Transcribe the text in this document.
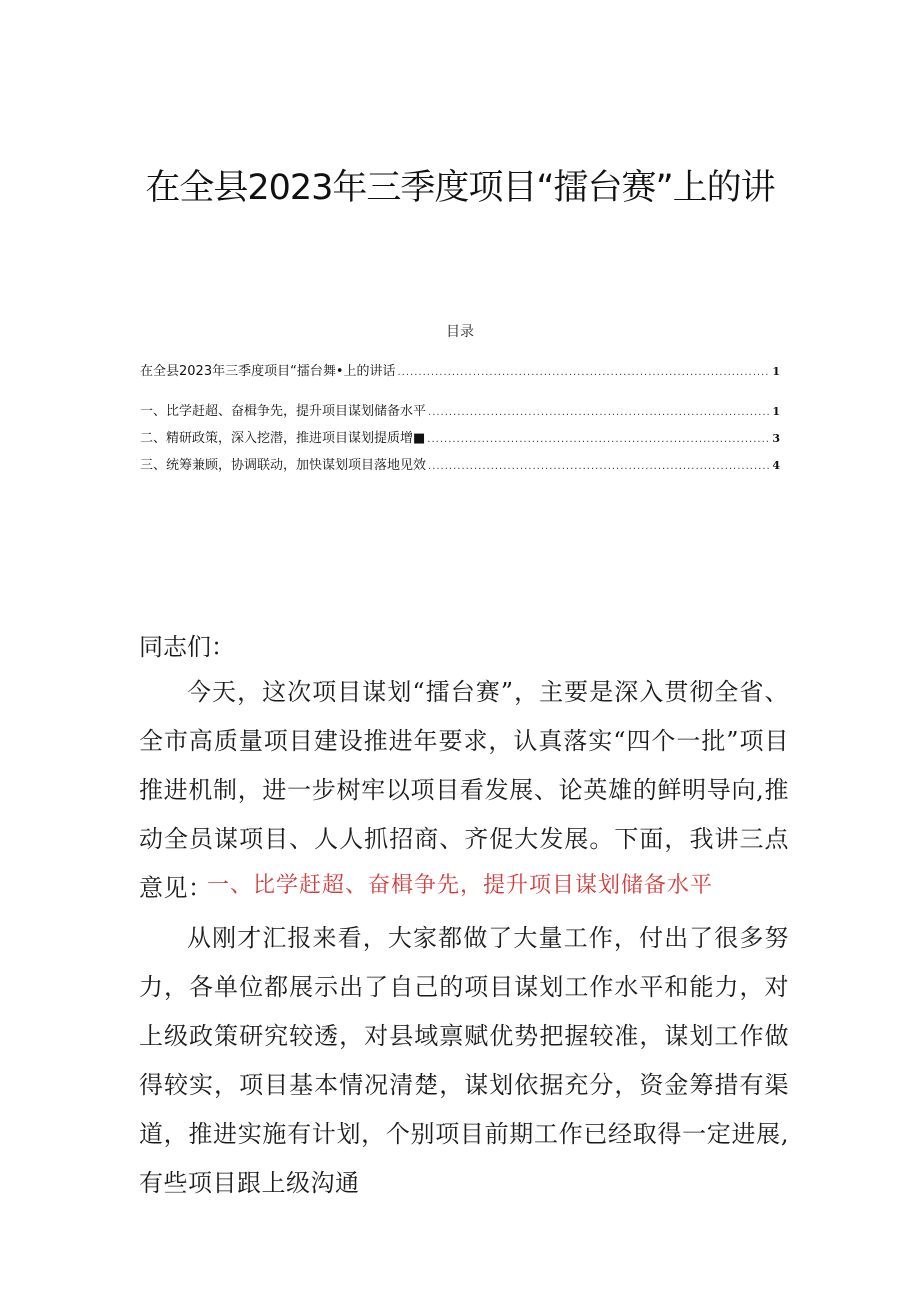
在全县2023年三季度项目“擂台赛”上的讲
目录
在全县2023年三季度项目“擂台舞•上的讲话 .....	1
一、比学赶超、奋楫争先，提升项目谋划储备水平 .....	1
二、精研政策，深入挖潜，推进项目谋划提质增■ .....	3
三、统筹兼顾，协调联动，加快谋划项目落地见效 .....	4
同志们：
今天，这次项目谋划“擂台赛”，主要是深入贯彻全省、全市高质量项目建设推进年要求，认真落实“四个一批”项目推进机制，进一步树牢以项目看发展、论英雄的鲜明导向,推动全员谋项目、人人抓招商、齐促大发展。下面，我讲三点意见：
一、比学赶超、奋楫争先，提升项目谋划储备水平
从刚才汇报来看，大家都做了大量工作，付出了很多努力，各单位都展示出了自己的项目谋划工作水平和能力，对上级政策研究较透，对县域禀赋优势把握较准，谋划工作做得较实，项目基本情况清楚，谋划依据充分，资金筹措有渠道，推进实施有计划，个别项目前期工作已经取得一定进展,有些项目跟上级沟通
